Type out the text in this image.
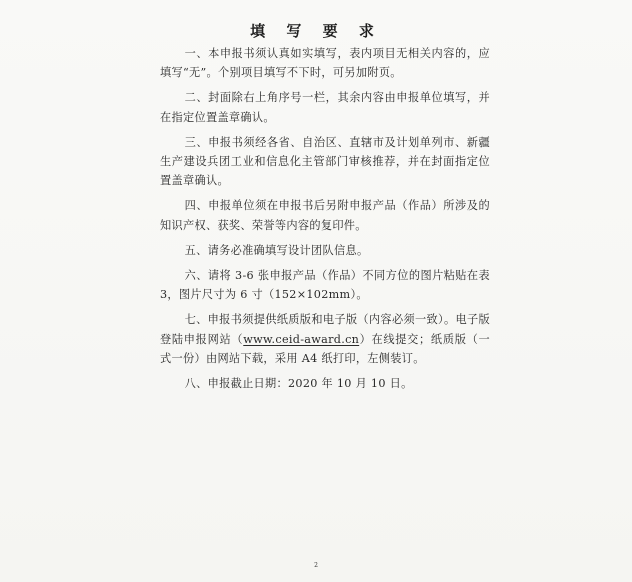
填 写 要 求

一、本申报书须认真如实填写，表内项目无相关内容的，应填写“无”。个别项目填写不下时，可另加附页。

二、封面除右上角序号一栏，其余内容由申报单位填写，并在指定位置盖章确认。

三、申报书须经各省、自治区、直辖市及计划单列市、新疆生产建设兵团工业和信息化主管部门审核推荐，并在封面指定位置盖章确认。

四、申报单位须在申报书后另附申报产品（作品）所涉及的知识产权、获奖、荣誉等内容的复印件。

五、请务必准确填写设计团队信息。

六、请将 3-6 张申报产品（作品）不同方位的图片粘贴在表 3，图片尺寸为 6 寸（152×102mm）。

七、申报书须提供纸质版和电子版（内容必须一致）。电子版登陆申报网站（www.ceid-award.cn）在线提交；纸质版（一式一份）由网站下载，采用 A4 纸打印，左侧装订。

八、申报截止日期：2020 年 10 月 10 日。

2
